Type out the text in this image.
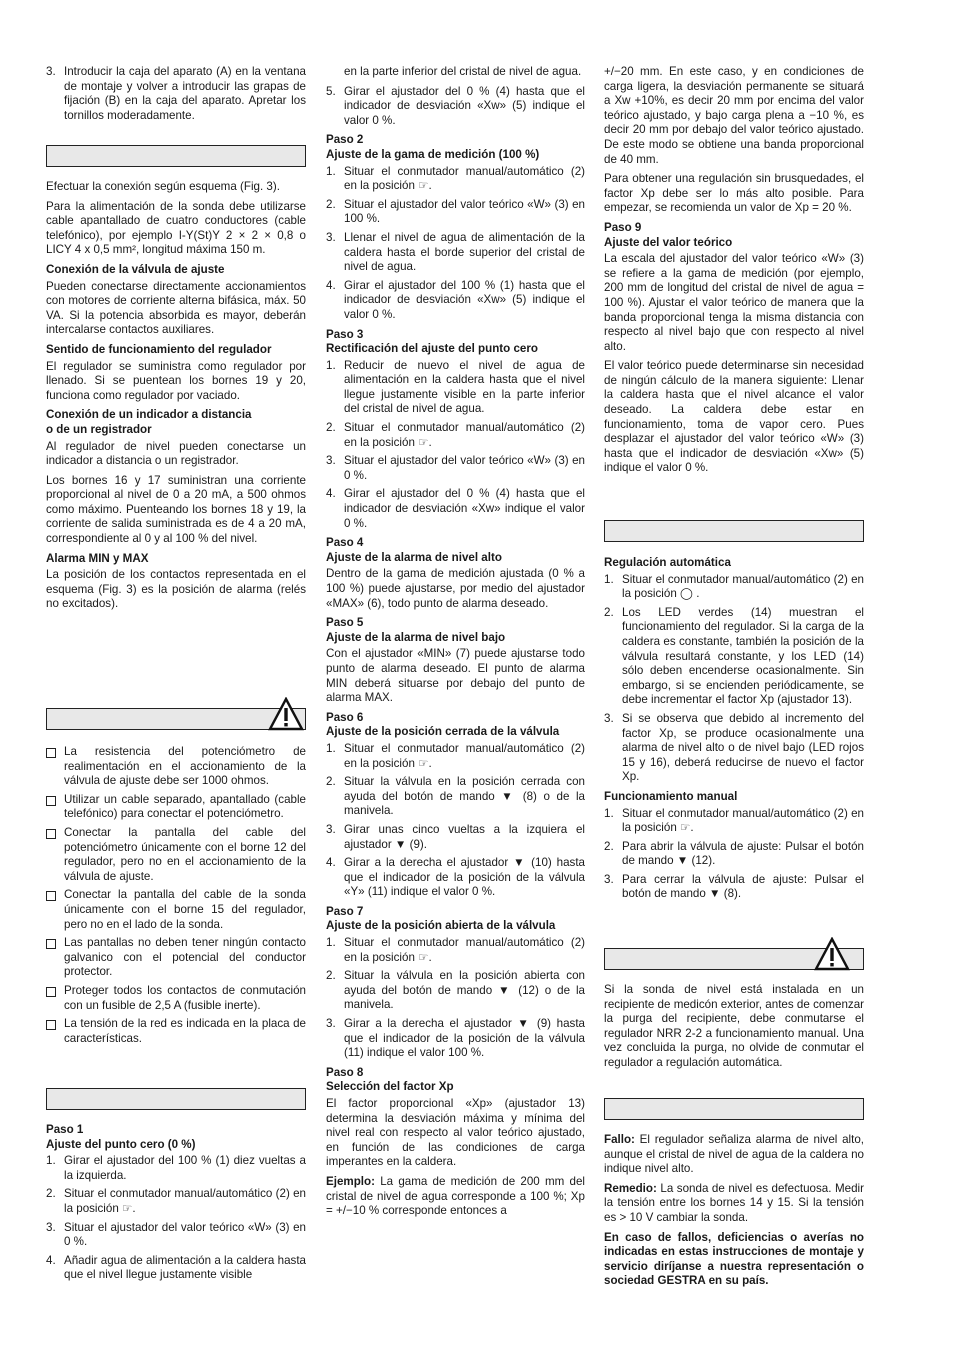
3. Introducir la caja del aparato (A) en la ventana de montaje y volver a introducir las grapas de fijación (B) en la caja del aparato. Apretar los tornillos moderadamente.

Efectuar la conexión según esquema (Fig. 3).

Para la alimentación de la sonda debe utilizarse cable apantallado de cuatro conductores (cable telefónico), por ejemplo I-Y(St)Y 2 × 2 × 0,8 o LICY 4 x 0,5 mm², longitud máxima 150 m.

Conexión de la válvula de ajuste

Pueden conectarse directamente accionamientos con motores de corriente alterna bifásica, máx. 50 VA. Si la potencia absorbida es mayor, deberán intercalarse contactos auxiliares.

Sentido de funcionamiento del regulador

El regulador se suministra como regulador por llenado. Si se puentean los bornes 19 y 20, funciona como regulador por vaciado.

Conexión de un indicador a distancia
o de un registrador

Al regulador de nivel pueden conectarse un indicador a distancia o un registrador.

Los bornes 16 y 17 suministran una corriente proporcional al nivel de 0 a 20 mA, a 500 ohmos como máximo. Puenteando los bornes 18 y 19, la corriente de salida suministrada es de 4 a 20 mA, correspondiente al 0 y al 100 % del nivel.

Alarma MIN y MAX

La posición de los contactos representada en el esquema (Fig. 3) es la posición de alarma (relés no excitados).

La resistencia del potenciómetro de realimentación en el accionamiento de la válvula de ajuste debe ser 1000 ohmos.
Utilizar un cable separado, apantallado (cable telefónico) para conectar el potenciómetro.
Conectar la pantalla del cable del potenciómetro únicamente con el borne 12 del regulador, pero no en el accionamiento de la válvula de ajuste.
Conectar la pantalla del cable de la sonda únicamente con el borne 15 del regulador, pero no en el lado de la sonda.
Las pantallas no deben tener ningún contacto galvanico con el potencial del conductor protector.
Proteger todos los contactos de conmutación con un fusible de 2,5 A (fusible inerte).
La tensión de la red es indicada en la placa de características.
Paso 1
Ajuste del punto cero (0 %)
1. Girar el ajustador del 100 % (1) diez vueltas a la izquierda.
2. Situar el conmutador manual/automático (2) en la posición ☞.
3. Situar el ajustador del valor teórico «W» (3) en 0 %.
4. Añadir agua de alimentación a la caldera hasta que el nivel llegue justamente visible

en la parte inferior del cristal de nivel de agua.

5. Girar el ajustador del 0 % (4) hasta que el indicador de desviación «Xw» (5) indique el valor 0 %.
Paso 2
Ajuste de la gama de medición (100 %)
1. Situar el conmutador manual/automático (2) en la posición ☞.
2. Situar el ajustador del valor teórico «W» (3) en 100 %.
3. Llenar el nivel de agua de alimentación de la caldera hasta el borde superior del cristal de nivel de agua.
4. Girar el ajustador del 100 % (1) hasta que el indicador de desviación «Xw» (5) indique el valor 0 %.
Paso 3
Rectificación del ajuste del punto cero
1. Reducir de nuevo el nivel de agua de alimentación en la caldera hasta que el nivel llegue justamente visible en la parte inferior del cristal de nivel de agua.
2. Situar el conmutador manual/automático (2) en la posición ☞.
3. Situar el ajustador del valor teórico «W» (3) en 0 %.
4. Girar el ajustador del 0 % (4) hasta que el indicador de desviación «Xw» indique el valor 0 %.
Paso 4
Ajuste de la alarma de nivel alto

Dentro de la gama de medición ajustada (0 % a 100 %) puede ajustarse, por medio del ajustador «MAX» (6), todo punto de alarma deseado.

Paso 5
Ajuste de la alarma de nivel bajo

Con el ajustador «MIN» (7) puede ajustarse todo punto de alarma deseado. El punto de alarma MIN deberá situarse por debajo del punto de alarma MAX.

Paso 6
Ajuste de la posición cerrada de la válvula
1. Situar el conmutador manual/automático (2) en la posición ☞.
2. Situar la válvula en la posición cerrada con ayuda del botón de mando ▼ (8) o de la manivela.
3. Girar unas cinco vueltas a la izquiera el ajustador ▼ (9).
4. Girar a la derecha el ajustador ▼ (10) hasta que el indicador de la posición de la válvula «Y» (11) indique el valor 0 %.
Paso 7
Ajuste de la posición abierta de la válvula
1. Situar el conmutador manual/automático (2) en la posición ☞.
2. Situar la válvula en la posición abierta con ayuda del botón de mando ▼ (12) o de la manivela.
3. Girar a la derecha el ajustador ▼ (9) hasta que el indicador de la posición de la válvula (11) indique el valor 100 %.
Paso 8
Selección del factor Xp

El factor proporcional «Xp» (ajustador 13) determina la desviación máxima y mínima del nivel real con respecto al valor teórico ajustado, en función de las condiciones de carga imperantes en la caldera.

Ejemplo: La gama de medición de 200 mm del cristal de nivel de agua corresponde a 100 %; Xp = +/−10 % corresponde entonces a

+/−20 mm. En este caso, y en condiciones de carga ligera, la desviación permanente se situará a Xw +10%, es decir 20 mm por encima del valor teórico ajustado, y bajo carga plena a −10 %, es decir 20 mm por debajo del valor teórico ajustado. De este modo se obtiene una banda proporcional de 40 mm.

Para obtener una regulación sin brusquedades, el factor Xp debe ser lo más alto posible. Para empezar, se recomienda un valor de Xp = 20 %.

Paso 9
Ajuste del valor teórico

La escala del ajustador del valor teórico «W» (3) se refiere a la gama de medición (por ejemplo, 200 mm de longitud del cristal de nivel de agua = 100 %). Ajustar el valor teórico de manera que la banda proporcional tenga la misma distancia con respecto al nivel bajo que con respecto al nivel alto.

El valor teórico puede determinarse sin necesidad de ningún cálculo de la manera siguiente: Llenar la caldera hasta que el nivel alcance el valor deseado. La caldera debe estar en funcionamiento, toma de vapor cero. Pues desplazar el ajustador del valor teórico «W» (3) hasta que el indicador de desviación «Xw» (5) indique el valor 0 %.

Regulación automática
1. Situar el conmutador manual/automático (2) en la posición ◯ .
2. Los LED verdes (14) muestran el funcionamiento del regulador. Si la carga de la caldera es constante, también la posición de la válvula resultará constante, y los LED (14) sólo deben encenderse ocasionalmente. Sin embargo, si se encienden periódicamente, se debe incrementar el factor Xp (ajustador 13).
3. Si se observa que debido al incremento del factor Xp, se produce ocasionalmente una alarma de nivel alto o de nivel bajo (LED rojos 15 y 16), deberá reducirse de nuevo el factor Xp.
Funcionamiento manual
1. Situar el conmutador manual/automático (2) en la posición ☞.
2. Para abrir la válvula de ajuste: Pulsar el botón de mando ▼ (12).
3. Para cerrar la válvula de ajuste: Pulsar el botón de mando ▼ (8).

Si la sonda de nivel está instalada en un recipiente de medicón exterior, antes de comenzar la purga del recipiente, debe conmutarse el regulador NRR 2-2 a funcionamiento manual. Una vez concluida la purga, no olvide de conmutar el regulador a regulación automática.

Fallo: El regulador señaliza alarma de nivel alto, aunque el cristal de nivel de agua de la caldera no indique nivel alto.

Remedio: La sonda de nivel es defectuosa. Medir la tensión entre los bornes 14 y 15. Si la tensión es > 10 V cambiar la sonda.

En caso de fallos, deficiencias o averías no indicadas en estas instrucciones de montaje y servicio diríjanse a nuestra representación o sociedad GESTRA en su país.
